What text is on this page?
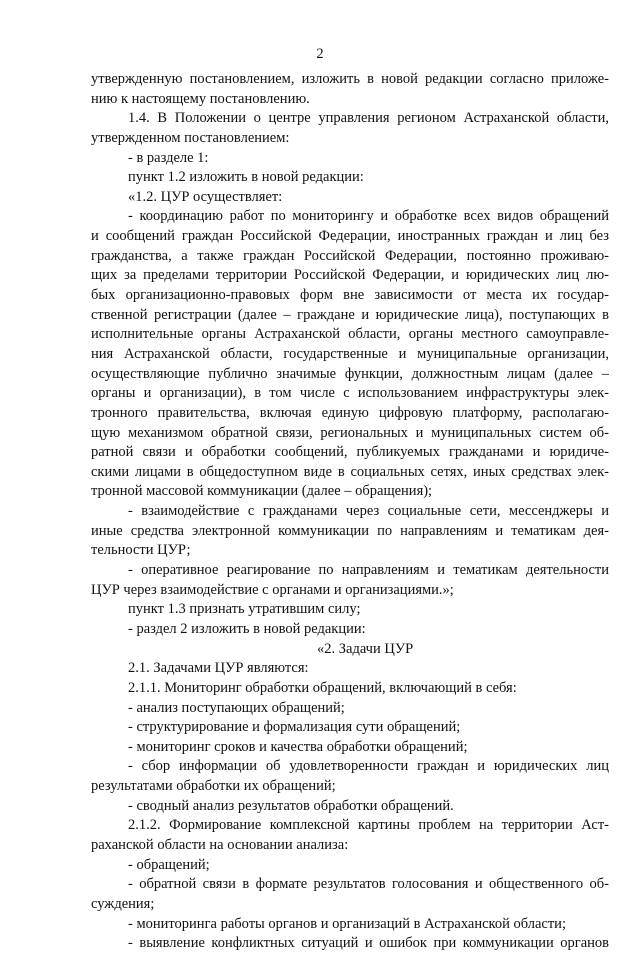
2
утвержденную постановлением, изложить в новой редакции согласно приложе-
нию к настоящему постановлению.
1.4. В Положении о центре управления регионом Астраханской области,
утвержденном постановлением:
- в разделе 1:
пункт 1.2 изложить в новой редакции:
«1.2. ЦУР осуществляет:
- координацию работ по мониторингу и обработке всех видов обращений
и сообщений граждан Российской Федерации, иностранных граждан и лиц без
гражданства, а также граждан Российской Федерации, постоянно проживаю-
щих за пределами территории Российской Федерации, и юридических лиц лю-
бых организационно-правовых форм вне зависимости от места их государ-
ственной регистрации (далее – граждане и юридические лица), поступающих в
исполнительные органы Астраханской области, органы местного самоуправле-
ния Астраханской области, государственные и муниципальные организации,
осуществляющие публично значимые функции, должностным лицам (далее –
органы и организации), в том числе с использованием инфраструктуры элек-
тронного правительства, включая единую цифровую платформу, располагаю-
щую механизмом обратной связи, региональных и муниципальных систем об-
ратной связи и обработки сообщений, публикуемых гражданами и юридиче-
скими лицами в общедоступном виде в социальных сетях, иных средствах элек-
тронной массовой коммуникации (далее – обращения);
- взаимодействие с гражданами через социальные сети, мессенджеры и
иные средства электронной коммуникации по направлениям и тематикам дея-
тельности ЦУР;
- оперативное реагирование по направлениям и тематикам деятельности
ЦУР через взаимодействие с органами и организациями.»;
пункт 1.3 признать утратившим силу;
- раздел 2 изложить в новой редакции:
«2. Задачи ЦУР
2.1. Задачами ЦУР являются:
2.1.1. Мониторинг обработки обращений, включающий в себя:
- анализ поступающих обращений;
- структурирование и формализация сути обращений;
- мониторинг сроков и качества обработки обращений;
- сбор информации об удовлетворенности граждан и юридических лиц
результатами обработки их обращений;
- сводный анализ результатов обработки обращений.
2.1.2. Формирование комплексной картины проблем на территории Аст-
раханской области на основании анализа:
- обращений;
- обратной связи в формате результатов голосования и общественного об-
суждения;
- мониторинга работы органов и организаций в Астраханской области;
- выявление конфликтных ситуаций и ошибок при коммуникации органов
